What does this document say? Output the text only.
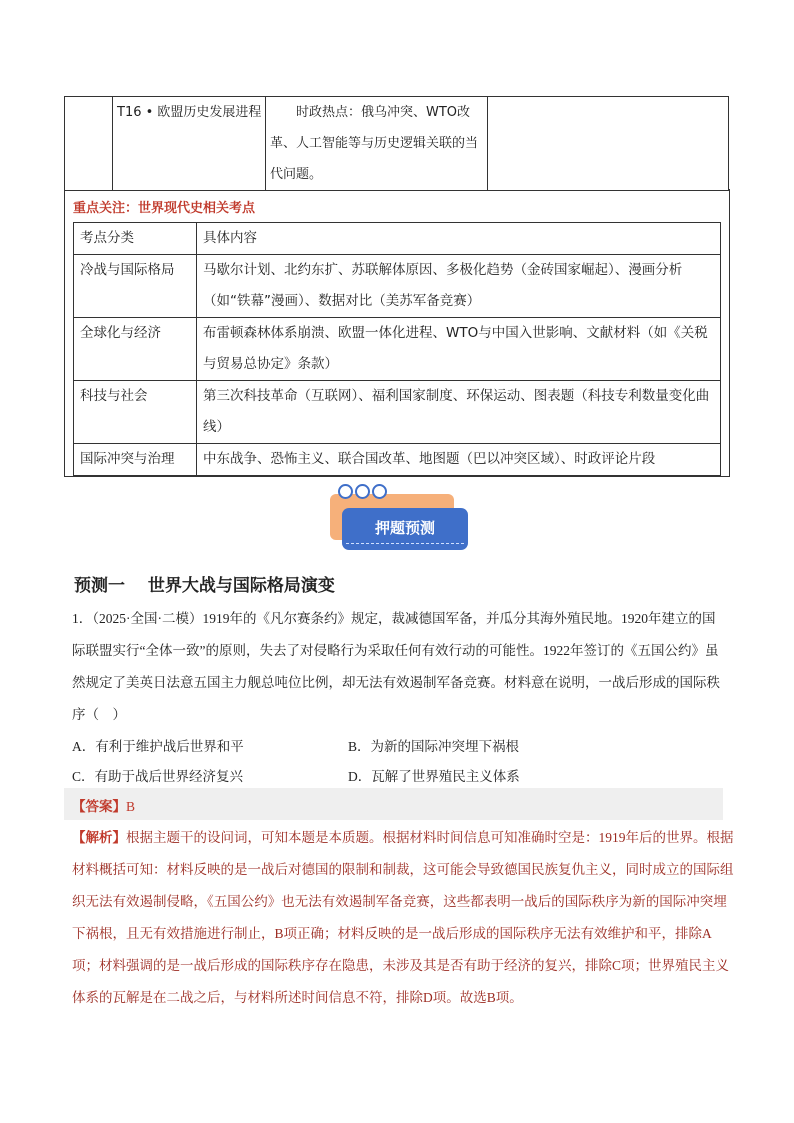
	T16 • 欧盟历史发展进程	时政热点：俄乌冲突、WTO改革、人工智能等与历史逻辑关联的当代问题。	
重点关注：世界现代史相关考点
考点分类	具体内容
冷战与国际格局	马歇尔计划、北约东扩、苏联解体原因、多极化趋势（金砖国家崛起）、漫画分析（如“铁幕”漫画）、数据对比（美苏军备竞赛）
全球化与经济	布雷顿森林体系崩溃、欧盟一体化进程、WTO与中国入世影响、文献材料（如《关税与贸易总协定》条款）
科技与社会	第三次科技革命（互联网）、福利国家制度、环保运动、图表题（科技专利数量变化曲线）
国际冲突与治理	中东战争、恐怖主义、联合国改革、地图题（巴以冲突区域）、时政评论片段
押题预测
预测一　 世界大战与国际格局演变
1．（2025·全国·二模）1919年的《凡尔赛条约》规定，裁减德国军备，并瓜分其海外殖民地。1920年建立的国际联盟实行“全体一致”的原则，失去了对侵略行为采取任何有效行动的可能性。1922年签订的《五国公约》虽然规定了美英日法意五国主力舰总吨位比例，却无法有效遏制军备竞赛。材料意在说明，一战后形成的国际秩序（　）
A．有利于维护战后世界和平	B．为新的国际冲突埋下祸根
C．有助于战后世界经济复兴	D．瓦解了世界殖民主义体系
【答案】B
【解析】根据主题干的设问词，可知本题是本质题。根据材料时间信息可知准确时空是：1919年后的世界。根据材料概括可知：材料反映的是一战后对德国的限制和制裁，这可能会导致德国民族复仇主义，同时成立的国际组织无法有效遏制侵略，《五国公约》也无法有效遏制军备竞赛，这些都表明一战后的国际秩序为新的国际冲突埋下祸根，且无有效措施进行制止，B项正确；材料反映的是一战后形成的国际秩序无法有效维护和平，排除A项；材料强调的是一战后形成的国际秩序存在隐患，未涉及其是否有助于经济的复兴，排除C项；世界殖民主义体系的瓦解是在二战之后，与材料所述时间信息不符，排除D项。故选B项。
